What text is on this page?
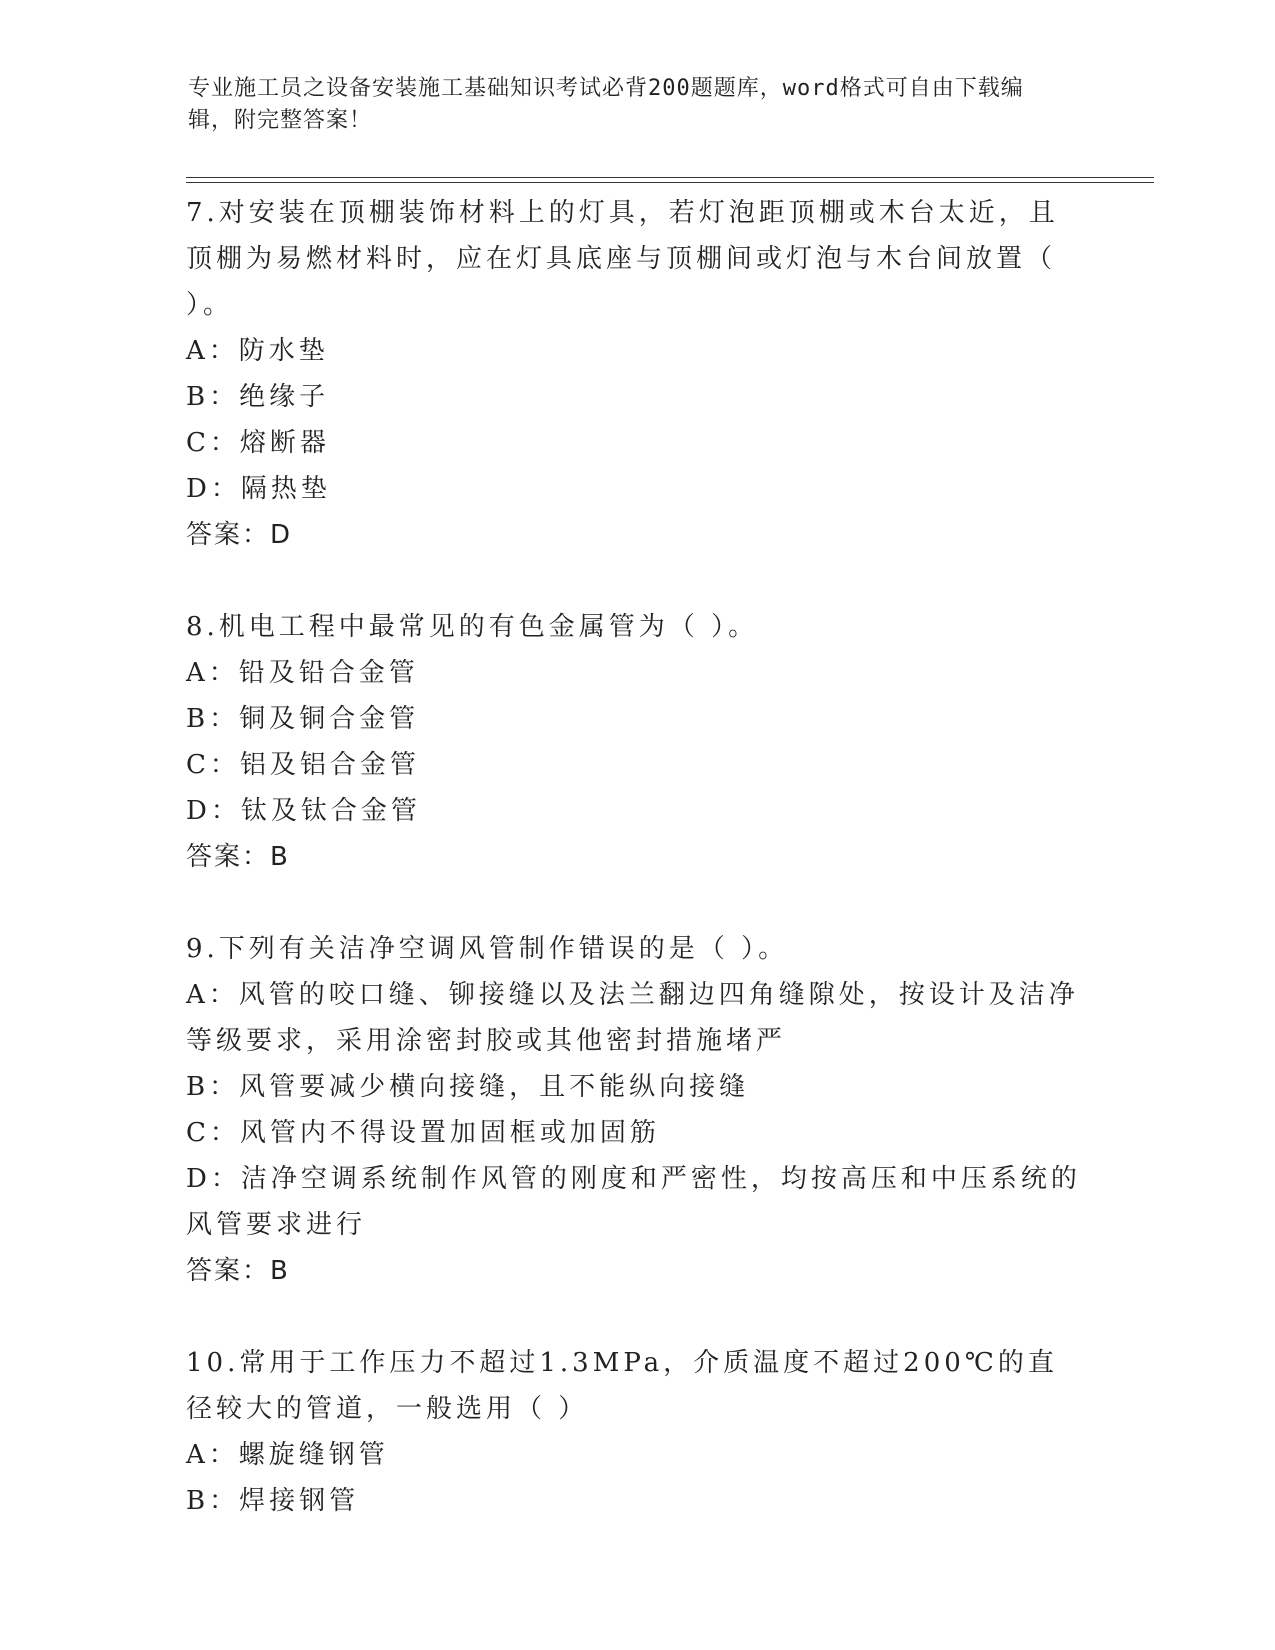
专业施工员之设备安装施工基础知识考试必背200题题库，word格式可自由下载编辑，附完整答案！
7.对安装在顶棚装饰材料上的灯具，若灯泡距顶棚或木台太近，且顶棚为易燃材料时，应在灯具底座与顶棚间或灯泡与木台间放置（ ）。
A：防水垫
B：绝缘子
C：熔断器
D：隔热垫
答案：D
8.机电工程中最常见的有色金属管为（ ）。
A：铅及铅合金管
B：铜及铜合金管
C：铝及铝合金管
D：钛及钛合金管
答案：B
9.下列有关洁净空调风管制作错误的是（ ）。
A：风管的咬口缝、铆接缝以及法兰翻边四角缝隙处，按设计及洁净等级要求，采用涂密封胶或其他密封措施堵严
B：风管要减少横向接缝，且不能纵向接缝
C：风管内不得设置加固框或加固筋
D：洁净空调系统制作风管的刚度和严密性，均按高压和中压系统的风管要求进行
答案：B
10.常用于工作压力不超过1.3MPa，介质温度不超过200℃的直径较大的管道，一般选用（ ）
A：螺旋缝钢管
B：焊接钢管
